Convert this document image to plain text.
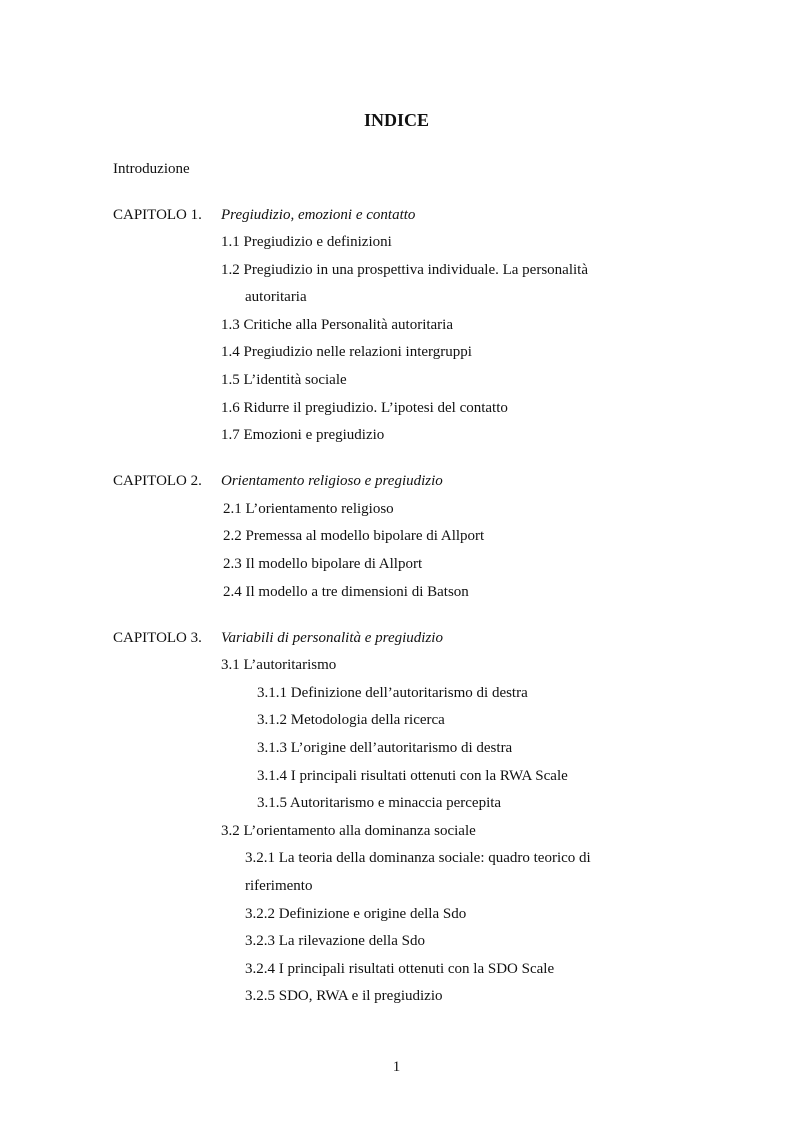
INDICE
Introduzione
CAPITOLO 1. Pregiudizio, emozioni e contatto
1.1 Pregiudizio e definizioni
1.2 Pregiudizio in una prospettiva individuale. La personalità
autoritaria
1.3 Critiche alla Personalità autoritaria
1.4 Pregiudizio nelle relazioni intergruppi
1.5 L’identità sociale
1.6 Ridurre il pregiudizio. L’ipotesi del contatto
1.7 Emozioni e pregiudizio
CAPITOLO 2. Orientamento religioso e pregiudizio
2.1 L’orientamento religioso
2.2 Premessa al modello bipolare di Allport
2.3 Il modello bipolare di Allport
2.4 Il modello a tre dimensioni di Batson
CAPITOLO 3. Variabili di personalità e pregiudizio
3.1 L’autoritarismo
3.1.1 Definizione dell’autoritarismo di destra
3.1.2 Metodologia della ricerca
3.1.3 L’origine dell’autoritarismo di destra
3.1.4 I principali risultati ottenuti con la RWA Scale
3.1.5 Autoritarismo e minaccia percepita
3.2 L’orientamento alla dominanza sociale
3.2.1 La teoria della dominanza sociale: quadro teorico di
riferimento
3.2.2 Definizione e origine della Sdo
3.2.3 La rilevazione della Sdo
3.2.4 I principali risultati ottenuti con la SDO Scale
3.2.5 SDO, RWA e il pregiudizio
1
